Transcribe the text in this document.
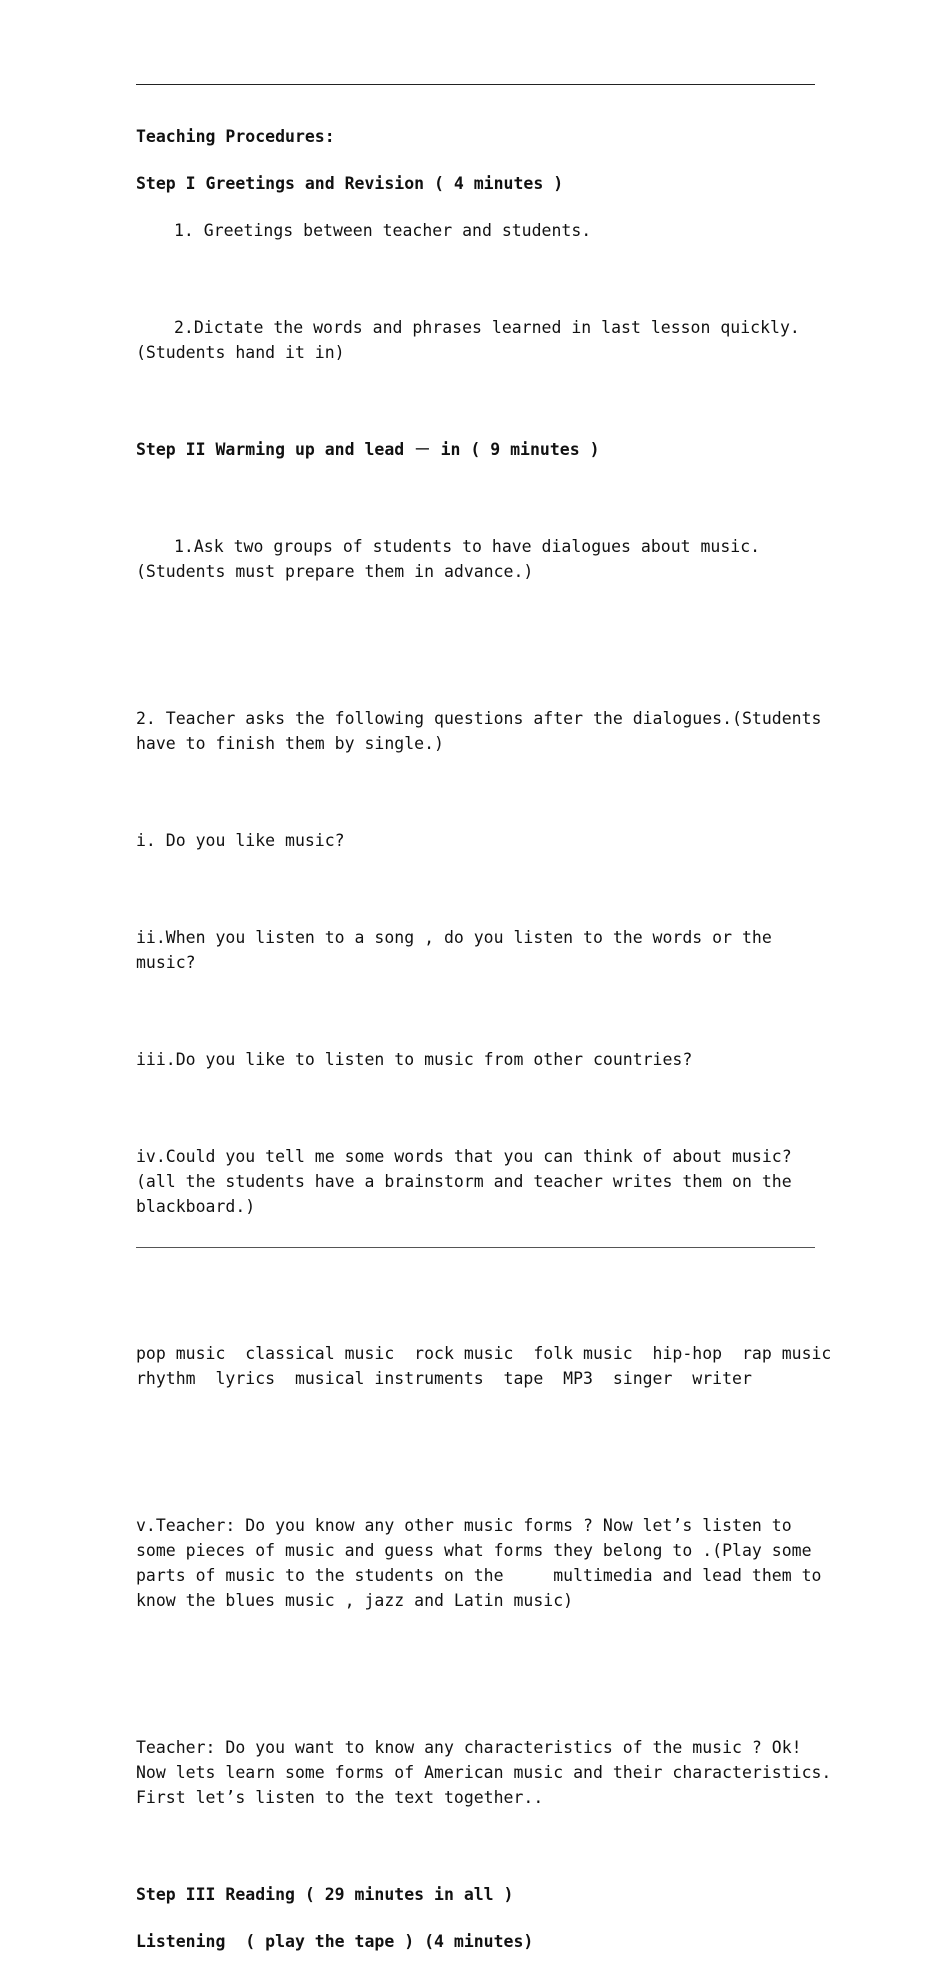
Teaching Procedures:

Step I Greetings and Revision ( 4 minutes )

1. Greetings between teacher and students.

2.Dictate the words and phrases learned in last lesson quickly.
(Students hand it in)

Step II Warming up and lead － in ( 9 minutes )

1.Ask two groups of students to have dialogues about music.
(Students must prepare them in advance.)

2. Teacher asks the following questions after the dialogues.(Students
have to finish them by single.)

i. Do you like music?

ii.When you listen to a song , do you listen to the words or the
music?

iii.Do you like to listen to music from other countries?

iv.Could you tell me some words that you can think of about music?
(all the students have a brainstorm and teacher writes them on the
blackboard.)

pop music  classical music  rock music  folk music  hip-hop  rap music
rhythm  lyrics  musical instruments  tape  MP3  singer  writer

v.Teacher: Do you know any other music forms ? Now let’s listen to
some pieces of music and guess what forms they belong to .(Play some
parts of music to the students on the     multimedia and lead them to
know the blues music , jazz and Latin music)

Teacher: Do you want to know any characteristics of the music ? Ok!
Now lets learn some forms of American music and their characteristics.
First let’s listen to the text together..

Step III Reading ( 29 minutes in all )

Listening  ( play the tape ) (4 minutes)
